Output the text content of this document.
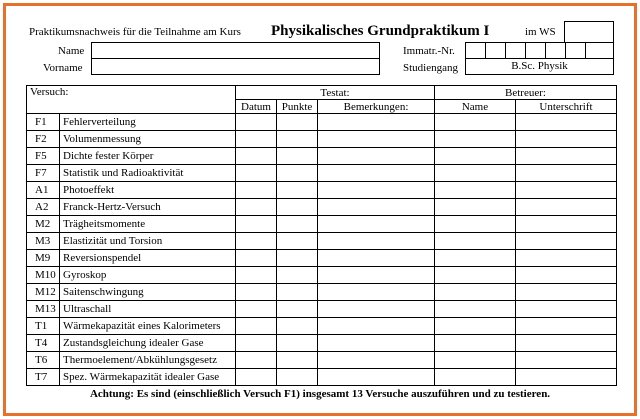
Praktikumsnachweis für die Teilnahme am Kurs Physikalisches Grundpraktikum I	im WS
Name
Vorname
Immatr.-Nr.
Studiengang	B.Sc. Physik
Versuch:		Testat:			Betreuer:	
		Datum	Punkte	Bemerkungen:	Name	Unterschrift
F1	Fehlerverteilung					
F2	Volumenmessung					
F5	Dichte fester Körper					
F7	Statistik und Radioaktivität					
A1	Photoeffekt					
A2	Franck-Hertz-Versuch					
M2	Trägheitsmomente					
M3	Elastizität und Torsion					
M9	Reversionspendel					
M10	Gyroskop					
M12	Saitenschwingung					
M13	Ultraschall					
T1	Wärmekapazität eines Kalorimeters					
T4	Zustandsgleichung idealer Gase					
T6	Thermoelement/Abkühlungsgesetz					
T7	Spez. Wärmekapazität idealer Gase					
Achtung: Es sind (einschließlich Versuch F1) insgesamt 13 Versuche auszuführen und zu testieren.
